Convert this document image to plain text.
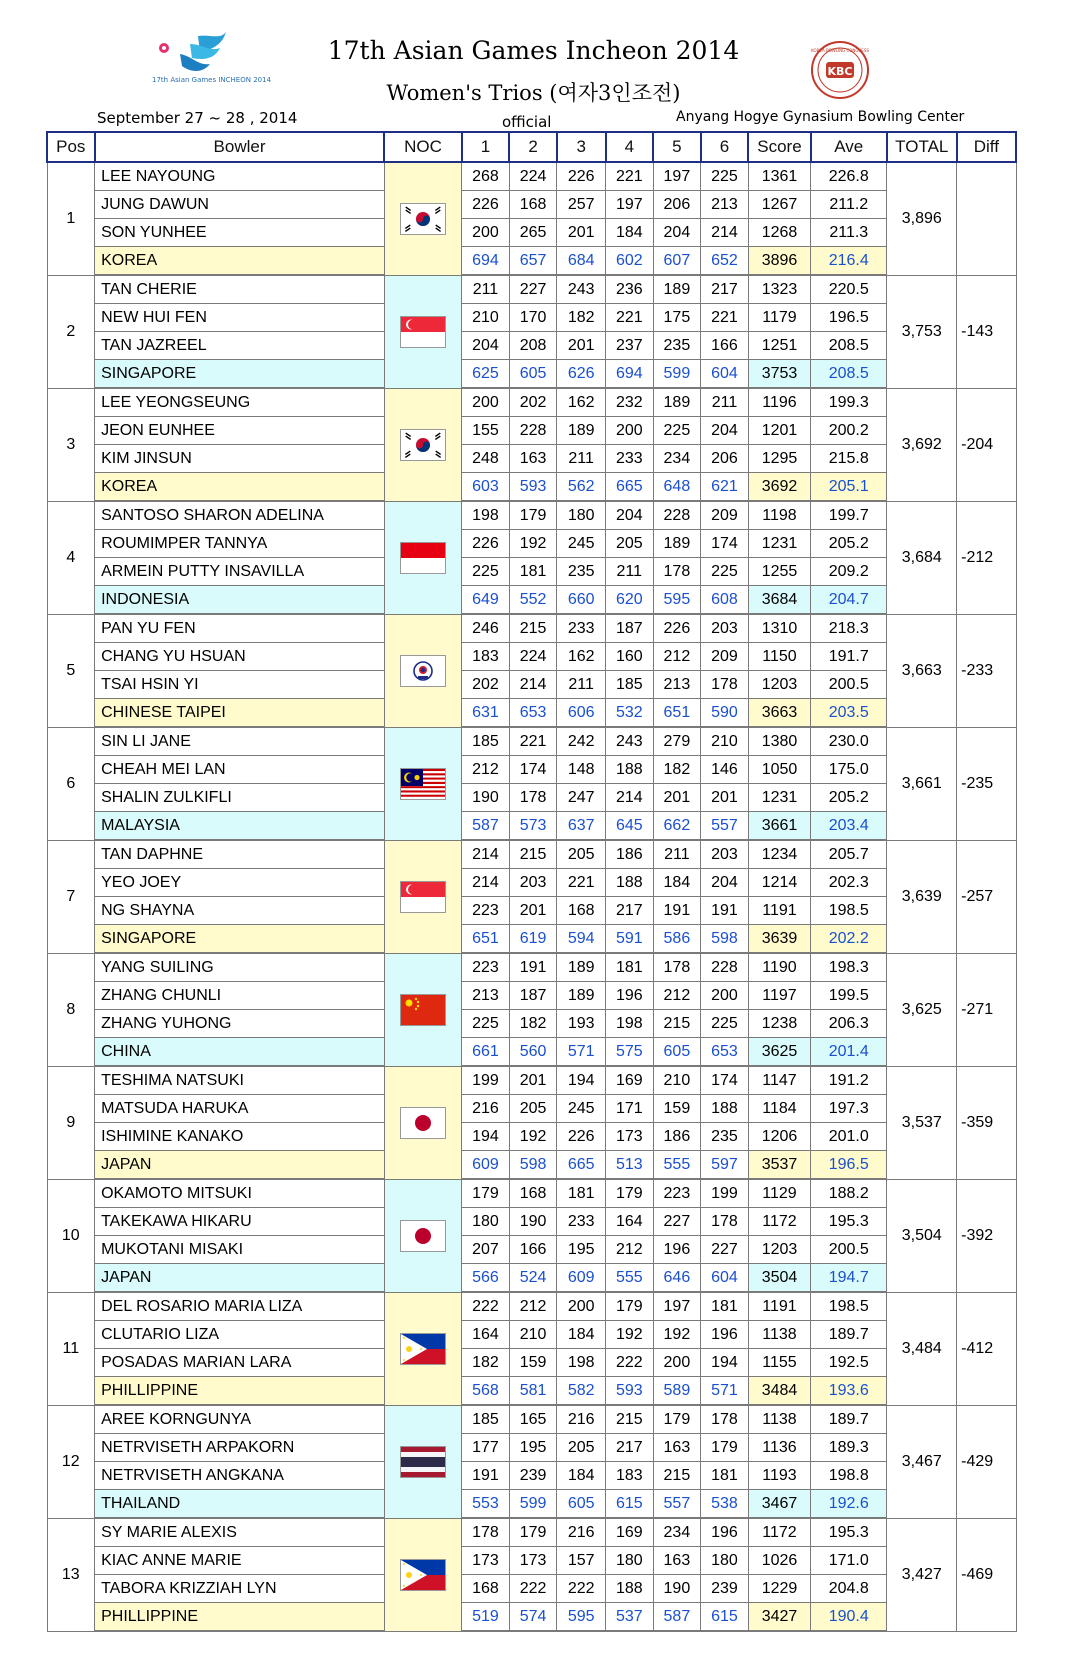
17th Asian Games INCHEON 2014
KBC
KOREA BOWLING CONGRESS
17th Asian Games Incheon 2014
Women's Trios (여자3인조전)
September 27 ~ 28 , 2014	official	Anyang Hogye Gynasium Bowling Center
Pos	Bowler	NOC	1	2	3	4	5	6	Score	Ave	TOTAL	Diff
1	LEE NAYOUNG		268	224	226	221	197	225	1361	226.8	3,896	
	JUNG DAWUN		226	168	257	197	206	213	1267	211.2		
	SON YUNHEE		200	265	201	184	204	214	1268	211.3		
	KOREA		694	657	684	602	607	652	3896	216.4		
2	TAN CHERIE		211	227	243	236	189	217	1323	220.5	3,753	-143
	NEW HUI FEN		210	170	182	221	175	221	1179	196.5		
	TAN JAZREEL		204	208	201	237	235	166	1251	208.5		
	SINGAPORE		625	605	626	694	599	604	3753	208.5		
3	LEE YEONGSEUNG		200	202	162	232	189	211	1196	199.3	3,692	-204
	JEON EUNHEE		155	228	189	200	225	204	1201	200.2		
	KIM JINSUN		248	163	211	233	234	206	1295	215.8		
	KOREA		603	593	562	665	648	621	3692	205.1		
4	SANTOSO SHARON ADELINA		198	179	180	204	228	209	1198	199.7	3,684	-212
	ROUMIMPER TANNYA		226	192	245	205	189	174	1231	205.2		
	ARMEIN PUTTY INSAVILLA		225	181	235	211	178	225	1255	209.2		
	INDONESIA		649	552	660	620	595	608	3684	204.7		
5	PAN YU FEN		246	215	233	187	226	203	1310	218.3	3,663	-233
	CHANG YU HSUAN		183	224	162	160	212	209	1150	191.7		
	TSAI HSIN YI		202	214	211	185	213	178	1203	200.5		
	CHINESE TAIPEI		631	653	606	532	651	590	3663	203.5		
6	SIN LI JANE		185	221	242	243	279	210	1380	230.0	3,661	-235
	CHEAH MEI LAN		212	174	148	188	182	146	1050	175.0		
	SHALIN ZULKIFLI		190	178	247	214	201	201	1231	205.2		
	MALAYSIA		587	573	637	645	662	557	3661	203.4		
7	TAN DAPHNE		214	215	205	186	211	203	1234	205.7	3,639	-257
	YEO JOEY		214	203	221	188	184	204	1214	202.3		
	NG SHAYNA		223	201	168	217	191	191	1191	198.5		
	SINGAPORE		651	619	594	591	586	598	3639	202.2		
8	YANG SUILING		223	191	189	181	178	228	1190	198.3	3,625	-271
	ZHANG CHUNLI		213	187	189	196	212	200	1197	199.5		
	ZHANG YUHONG		225	182	193	198	215	225	1238	206.3		
	CHINA		661	560	571	575	605	653	3625	201.4		
9	TESHIMA NATSUKI		199	201	194	169	210	174	1147	191.2	3,537	-359
	MATSUDA HARUKA		216	205	245	171	159	188	1184	197.3		
	ISHIMINE KANAKO		194	192	226	173	186	235	1206	201.0		
	JAPAN		609	598	665	513	555	597	3537	196.5		
10	OKAMOTO MITSUKI		179	168	181	179	223	199	1129	188.2	3,504	-392
	TAKEKAWA HIKARU		180	190	233	164	227	178	1172	195.3		
	MUKOTANI MISAKI		207	166	195	212	196	227	1203	200.5		
	JAPAN		566	524	609	555	646	604	3504	194.7		
11	DEL ROSARIO MARIA LIZA		222	212	200	179	197	181	1191	198.5	3,484	-412
	CLUTARIO LIZA		164	210	184	192	192	196	1138	189.7		
	POSADAS MARIAN LARA		182	159	198	222	200	194	1155	192.5		
	PHILLIPPINE		568	581	582	593	589	571	3484	193.6		
12	AREE KORNGUNYA		185	165	216	215	179	178	1138	189.7	3,467	-429
	NETRVISETH ARPAKORN		177	195	205	217	163	179	1136	189.3		
	NETRVISETH ANGKANA		191	239	184	183	215	181	1193	198.8		
	THAILAND		553	599	605	615	557	538	3467	192.6		
13	SY MARIE ALEXIS		178	179	216	169	234	196	1172	195.3	3,427	-469
	KIAC ANNE MARIE		173	173	157	180	163	180	1026	171.0		
	TABORA KRIZZIAH LYN		168	222	222	188	190	239	1229	204.8		
	PHILLIPPINE		519	574	595	537	587	615	3427	190.4		
